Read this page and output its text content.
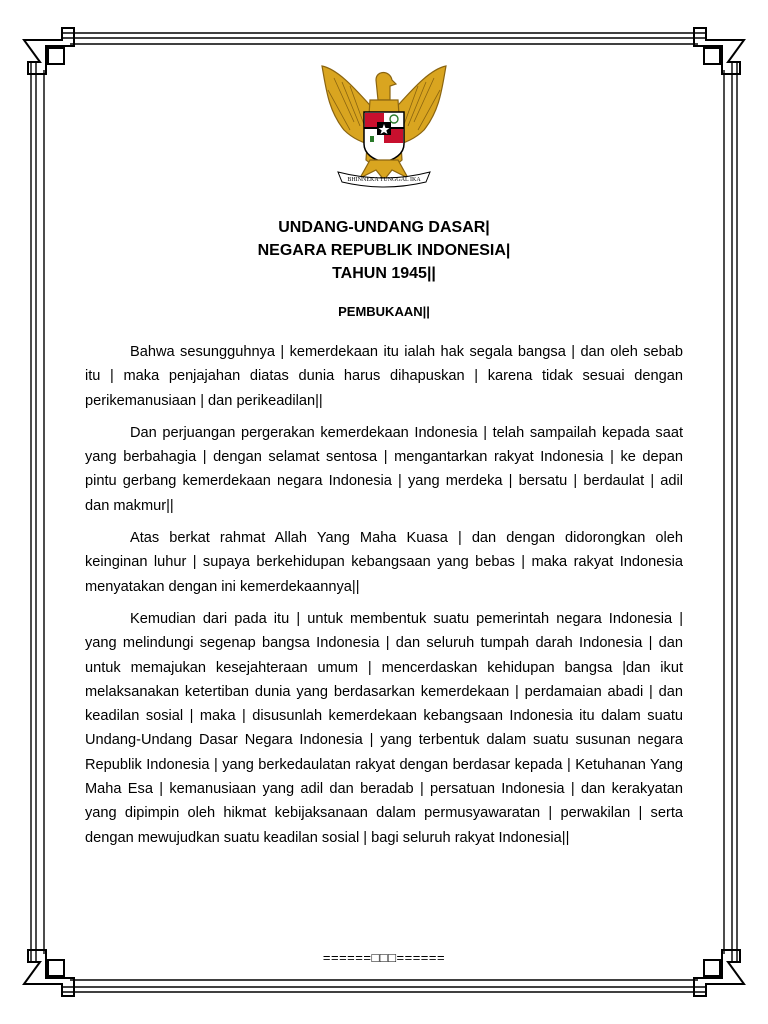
BHINNEKA TUNGGAL IKA
UNDANG-UNDANG DASAR|
NEGARA REPUBLIK INDONESIA|
TAHUN 1945||
PEMBUKAAN||

Bahwa sesungguhnya | kemerdekaan itu ialah hak segala bangsa | dan oleh sebab itu | maka penjajahan diatas dunia harus dihapuskan | karena tidak sesuai dengan perikemanusiaan | dan perikeadilan||

Dan perjuangan pergerakan kemerdekaan Indonesia | telah sampailah kepada saat yang berbahagia | dengan selamat sentosa | mengantarkan rakyat Indonesia | ke depan pintu gerbang kemerdekaan negara Indonesia | yang merdeka | bersatu | berdaulat | adil dan makmur||

Atas berkat rahmat Allah Yang Maha Kuasa | dan dengan didorongkan oleh keinginan luhur | supaya berkehidupan kebangsaan yang bebas | maka rakyat Indonesia menyatakan dengan ini kemerdekaannya||

Kemudian dari pada itu | untuk membentuk suatu pemerintah negara Indonesia | yang melindungi segenap bangsa Indonesia | dan seluruh tumpah darah Indonesia | dan untuk memajukan kesejahteraan umum | mencerdaskan kehidupan bangsa |dan ikut melaksanakan ketertiban dunia yang berdasarkan kemerdekaan | perdamaian abadi | dan keadilan sosial | maka | disusunlah kemerdekaan kebangsaan Indonesia itu dalam suatu Undang-Undang Dasar Negara Indonesia | yang terbentuk dalam suatu susunan negara Republik Indonesia | yang berkedaulatan rakyat dengan berdasar kepada | Ketuhanan Yang Maha Esa | kemanusiaan yang adil dan beradab | persatuan Indonesia | dan kerakyatan yang dipimpin oleh hikmat kebijaksanaan dalam permusyawaratan | perwakilan | serta dengan mewujudkan suatu keadilan sosial | bagi seluruh rakyat Indonesia||

======□□□======
